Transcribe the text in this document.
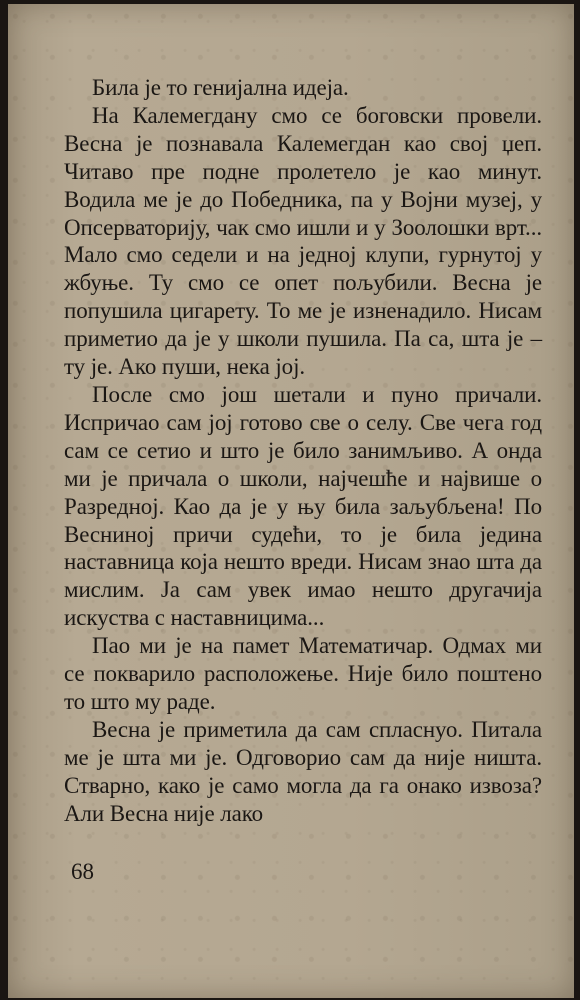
Била је то генијална идеја.

На Калемегдану смо се боговски провели. Весна је познавала Калемегдан као свој џеп. Читаво пре подне пролетело је као минут. Водила ме је до Победника, па у Војни музеј, у Опсерваторију, чак смо ишли и у Зоолошки врт... Мало смо седели и на једној клупи, гурнутој у жбуње. Ту смо се опет пољубили. Весна је попушила цигарету. То ме је изненадило. Нисам приметио да је у школи пушила. Па са, шта је – ту је. Ако пуши, нека јој.

После смо још шетали и пуно причали. Испричао сам јој готово све о селу. Све чега год сам се сетио и што је било занимљиво. А онда ми је причала о школи, најчешће и највише о Разредној. Као да је у њу била заљубљена! По Весниној причи судећи, то је била једина наставница која нешто вреди. Нисам знао шта да мислим. Ја сам увек имао нешто другачија искуства с наставницима...

Пао ми је на памет Математичар. Одмах ми се покварило расположење. Није било поштено то што му раде.

Весна је приметила да сам спласнуо. Питала ме је шта ми је. Одговорио сам да није ништа. Стварно, како је само могла да га онако извоза? Али Весна није лако

68
